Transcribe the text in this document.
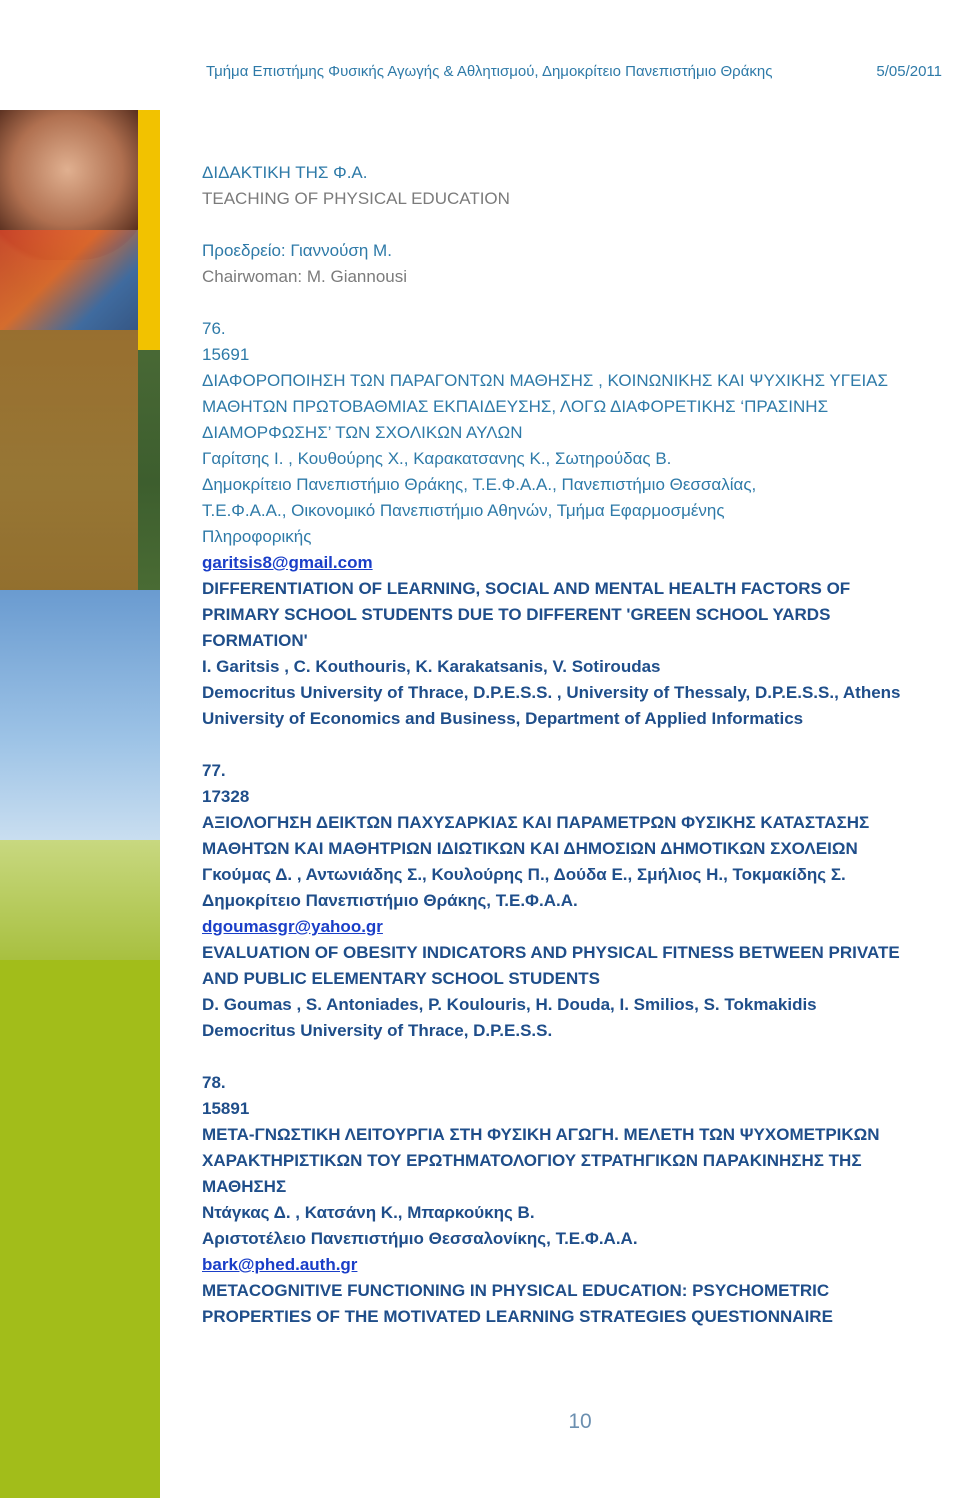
Τμήμα Επιστήμης Φυσικής Αγωγής & Αθλητισμού, Δημοκρίτειο Πανεπιστήμιο Θράκης	5/05/2011
ΔΙΔΑΚΤΙΚΗ ΤΗΣ Φ.Α.
TEACHING OF PHYSICAL EDUCATION
Προεδρείο: Γιαννούση Μ.
Chairwoman: M. Giannousi
76.
15691
ΔΙΑΦΟΡΟΠΟΙΗΣΗ ΤΩΝ ΠΑΡΑΓΟΝΤΩΝ ΜΑΘΗΣΗΣ , ΚΟΙΝΩΝΙΚΗΣ ΚΑΙ ΨΥΧΙΚΗΣ ΥΓΕΙΑΣ
ΜΑΘΗΤΩΝ ΠΡΩΤΟΒΑΘΜΙΑΣ ΕΚΠΑΙΔΕΥΣΗΣ, ΛΟΓΩ ΔΙΑΦΟΡΕΤΙΚΗΣ ‘ΠΡΑΣΙΝΗΣ
ΔΙΑΜΟΡΦΩΣΗΣ’ ΤΩΝ ΣΧΟΛΙΚΩΝ ΑΥΛΩΝ
Γαρίτσης Ι. , Κουθούρης Χ., Καρακατσανης Κ., Σωτηρούδας Β.
Δημοκρίτειο Πανεπιστήμιο Θράκης, Τ.Ε.Φ.Α.Α., Πανεπιστήμιο Θεσσαλίας,
Τ.Ε.Φ.Α.Α., Οικονομικό Πανεπιστήμιο Αθηνών, Τμήμα Εφαρμοσμένης
Πληροφορικής
garitsis8@gmail.com
DIFFERENTIATION OF LEARNING, SOCIAL AND MENTAL HEALTH FACTORS OF
PRIMARY SCHOOL STUDENTS DUE TO DIFFERENT 'GREEN SCHOOL YARDS
FORMATION'
I. Garitsis , C. Kouthouris, K. Karakatsanis, V. Sotiroudas
Democritus University of Thrace, D.P.E.S.S. , University of Thessaly, D.P.E.S.S., Athens
University of Economics and Business, Department of Applied Informatics
77.
17328
ΑΞΙΟΛΟΓΗΣΗ ΔΕΙΚΤΩΝ ΠΑΧΥΣΑΡΚΙΑΣ ΚΑΙ ΠΑΡΑΜΕΤΡΩΝ ΦΥΣΙΚΗΣ ΚΑΤΑΣΤΑΣΗΣ
ΜΑΘΗΤΩΝ ΚΑΙ ΜΑΘΗΤΡΙΩΝ ΙΔΙΩΤΙΚΩΝ ΚΑΙ ΔΗΜΟΣΙΩΝ ΔΗΜΟΤΙΚΩΝ ΣΧΟΛΕΙΩΝ
Γκούμας Δ. , Αντωνιάδης Σ., Κουλούρης Π., Δούδα Ε., Σμήλιος Η., Τοκμακίδης Σ.
Δημοκρίτειο Πανεπιστήμιο Θράκης, Τ.Ε.Φ.Α.Α.
dgoumasgr@yahoo.gr
EVALUATION OF OBESITY INDICATORS AND PHYSICAL FITNESS BETWEEN PRIVATE
AND PUBLIC ELEMENTARY SCHOOL STUDENTS
D. Goumas , S. Antoniades, P. Koulouris, H. Douda, I. Smilios, S. Tokmakidis
Democritus University of Thrace, D.P.E.S.S.
78.
15891
ΜΕΤΑ-ΓΝΩΣΤΙΚΗ ΛΕΙΤΟΥΡΓΙΑ ΣΤΗ ΦΥΣΙΚΗ ΑΓΩΓΗ. ΜΕΛΕΤΗ ΤΩΝ ΨΥΧΟΜΕΤΡΙΚΩΝ
ΧΑΡΑΚΤΗΡΙΣΤΙΚΩΝ ΤΟΥ ΕΡΩΤΗΜΑΤΟΛΟΓΙΟΥ ΣΤΡΑΤΗΓΙΚΩΝ ΠΑΡΑΚΙΝΗΣΗΣ ΤΗΣ
ΜΑΘΗΣΗΣ
Ντάγκας Δ. , Κατσάνη Κ., Μπαρκούκης Β.
Αριστοτέλειο Πανεπιστήμιο Θεσσαλονίκης, Τ.Ε.Φ.Α.Α.
bark@phed.auth.gr
METACOGNITIVE FUNCTIONING IN PHYSICAL EDUCATION: PSYCHOMETRIC
PROPERTIES OF THE MOTIVATED LEARNING STRATEGIES QUESTIONNAIRE
10
